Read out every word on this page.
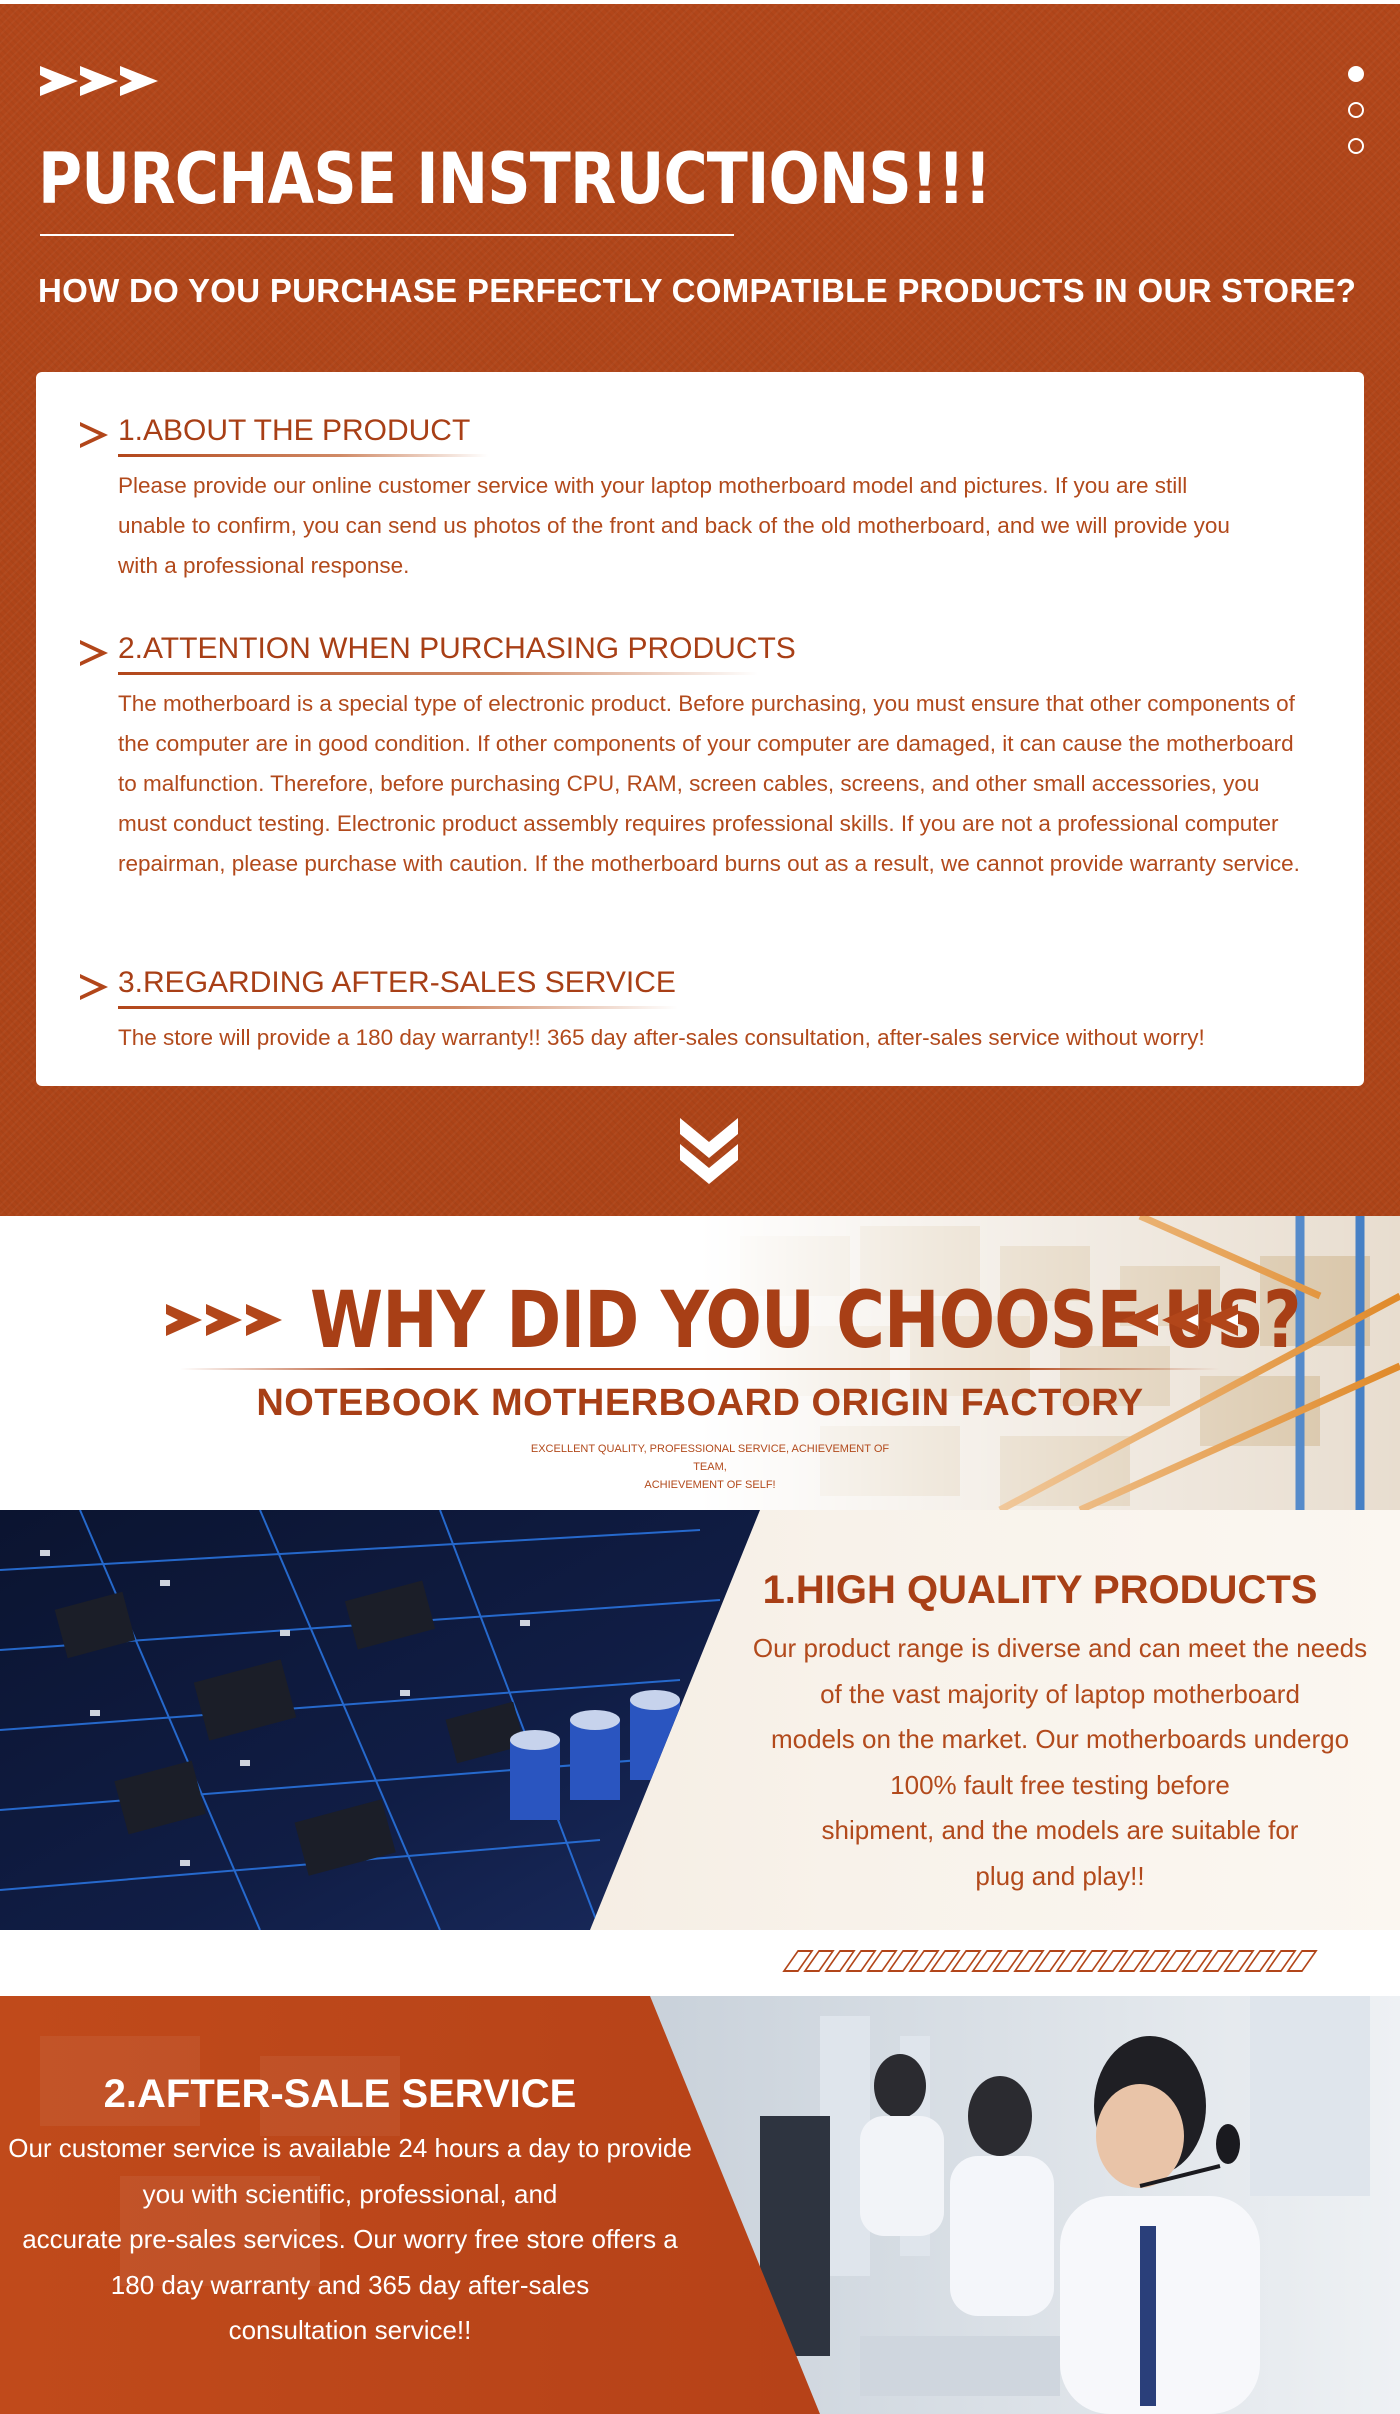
PURCHASE INSTRUCTIONS!!!
HOW DO YOU PURCHASE PERFECTLY COMPATIBLE PRODUCTS IN OUR STORE?
1.ABOUT THE PRODUCT

Please provide our online customer service with your laptop motherboard model and pictures. If you are still unable to confirm, you can send us photos of the front and back of the old motherboard, and we will provide you with a professional response.

2.ATTENTION WHEN PURCHASING PRODUCTS

The motherboard is a special type of electronic product. Before purchasing, you must ensure that other components of the computer are in good condition. If other components of your computer are damaged, it can cause the motherboard to malfunction. Therefore, before purchasing CPU, RAM, screen cables, screens, and other small accessories, you must conduct testing. Electronic product assembly requires professional skills. If you are not a professional computer repairman, please purchase with caution. If the motherboard burns out as a result, we cannot provide warranty service.

3.REGARDING AFTER-SALES SERVICE

The store will provide a 180 day warranty!! 365 day after-sales consultation, after-sales service without worry!

WHY DID YOU CHOOSE US?
NOTEBOOK MOTHERBOARD ORIGIN FACTORY
EXCELLENT QUALITY, PROFESSIONAL SERVICE, ACHIEVEMENT OF TEAM,
ACHIEVEMENT OF SELF!
1.HIGH QUALITY PRODUCTS
Our product range is diverse and can meet the needs
of the vast majority of laptop motherboard
models on the market. Our motherboards undergo
100% fault free testing before
shipment, and the models are suitable for
plug and play!!
2.AFTER-SALE SERVICE
Our customer service is available 24 hours a day to provide
you with scientific, professional, and
accurate pre-sales services. Our worry free store offers a
180 day warranty and 365 day after-sales
consultation service!!
